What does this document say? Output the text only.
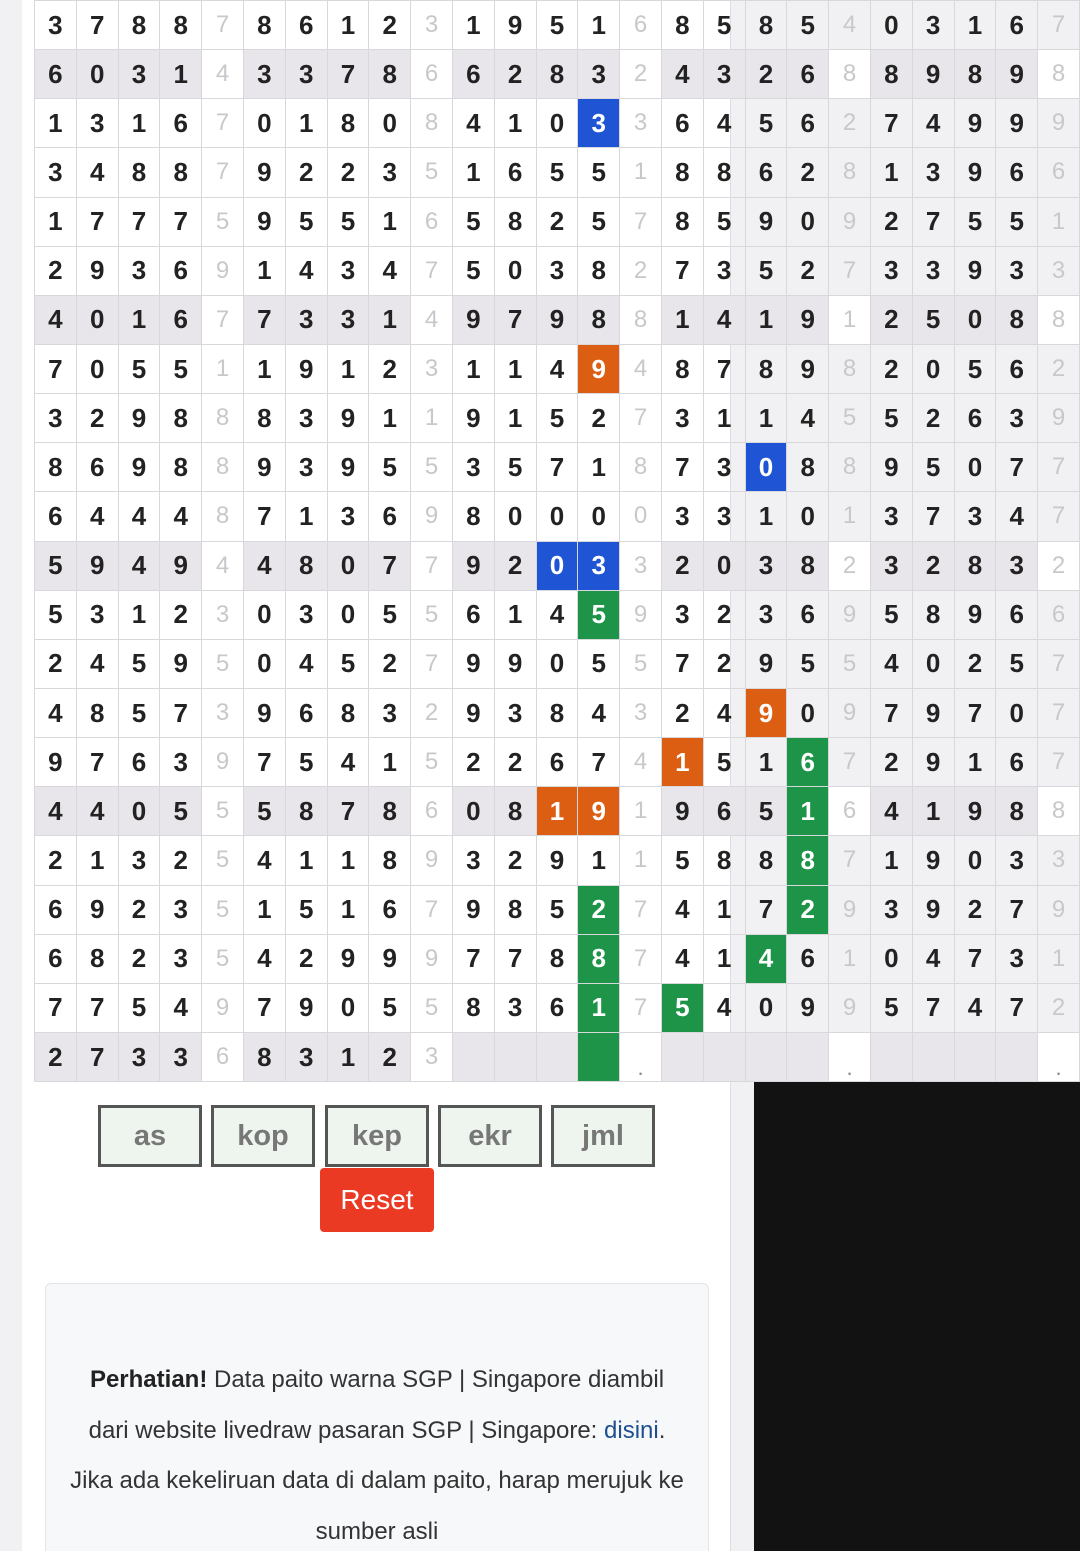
3	7	8	8	7	8	6	1	2	3	1	9	5	1	6	8	5	8	5	4	0	3	1	6	7
6	0	3	1	4	3	3	7	8	6	6	2	8	3	2	4	3	2	6	8	8	9	8	9	8
1	3	1	6	7	0	1	8	0	8	4	1	0	3	3	6	4	5	6	2	7	4	9	9	9
3	4	8	8	7	9	2	2	3	5	1	6	5	5	1	8	8	6	2	8	1	3	9	6	6
1	7	7	7	5	9	5	5	1	6	5	8	2	5	7	8	5	9	0	9	2	7	5	5	1
2	9	3	6	9	1	4	3	4	7	5	0	3	8	2	7	3	5	2	7	3	3	9	3	3
4	0	1	6	7	7	3	3	1	4	9	7	9	8	8	1	4	1	9	1	2	5	0	8	8
7	0	5	5	1	1	9	1	2	3	1	1	4	9	4	8	7	8	9	8	2	0	5	6	2
3	2	9	8	8	8	3	9	1	1	9	1	5	2	7	3	1	1	4	5	5	2	6	3	9
8	6	9	8	8	9	3	9	5	5	3	5	7	1	8	7	3	0	8	8	9	5	0	7	7
6	4	4	4	8	7	1	3	6	9	8	0	0	0	0	3	3	1	0	1	3	7	3	4	7
5	9	4	9	4	4	8	0	7	7	9	2	0	3	3	2	0	3	8	2	3	2	8	3	2
5	3	1	2	3	0	3	0	5	5	6	1	4	5	9	3	2	3	6	9	5	8	9	6	6
2	4	5	9	5	0	4	5	2	7	9	9	0	5	5	7	2	9	5	5	4	0	2	5	7
4	8	5	7	3	9	6	8	3	2	9	3	8	4	3	2	4	9	0	9	7	9	7	0	7
9	7	6	3	9	7	5	4	1	5	2	2	6	7	4	1	5	1	6	7	2	9	1	6	7
4	4	0	5	5	5	8	7	8	6	0	8	1	9	1	9	6	5	1	6	4	1	9	8	8
2	1	3	2	5	4	1	1	8	9	3	2	9	1	1	5	8	8	8	7	1	9	0	3	3
6	9	2	3	5	1	5	1	6	7	9	8	5	2	7	4	1	7	2	9	3	9	2	7	9
6	8	2	3	5	4	2	9	9	9	7	7	8	8	7	4	1	4	6	1	0	4	7	3	1
7	7	5	4	9	7	9	0	5	5	8	3	6	1	7	5	4	0	9	9	5	7	4	7	2
2	7	3	3	6	8	3	1	2	3					.					.					.
as	kop	kep	ekr	jml
Reset
Perhatian! Data paito warna SGP | Singapore diambil dari website livedraw pasaran SGP | Singapore: disini. Jika ada kekeliruan data di dalam paito, harap merujuk ke sumber asli
